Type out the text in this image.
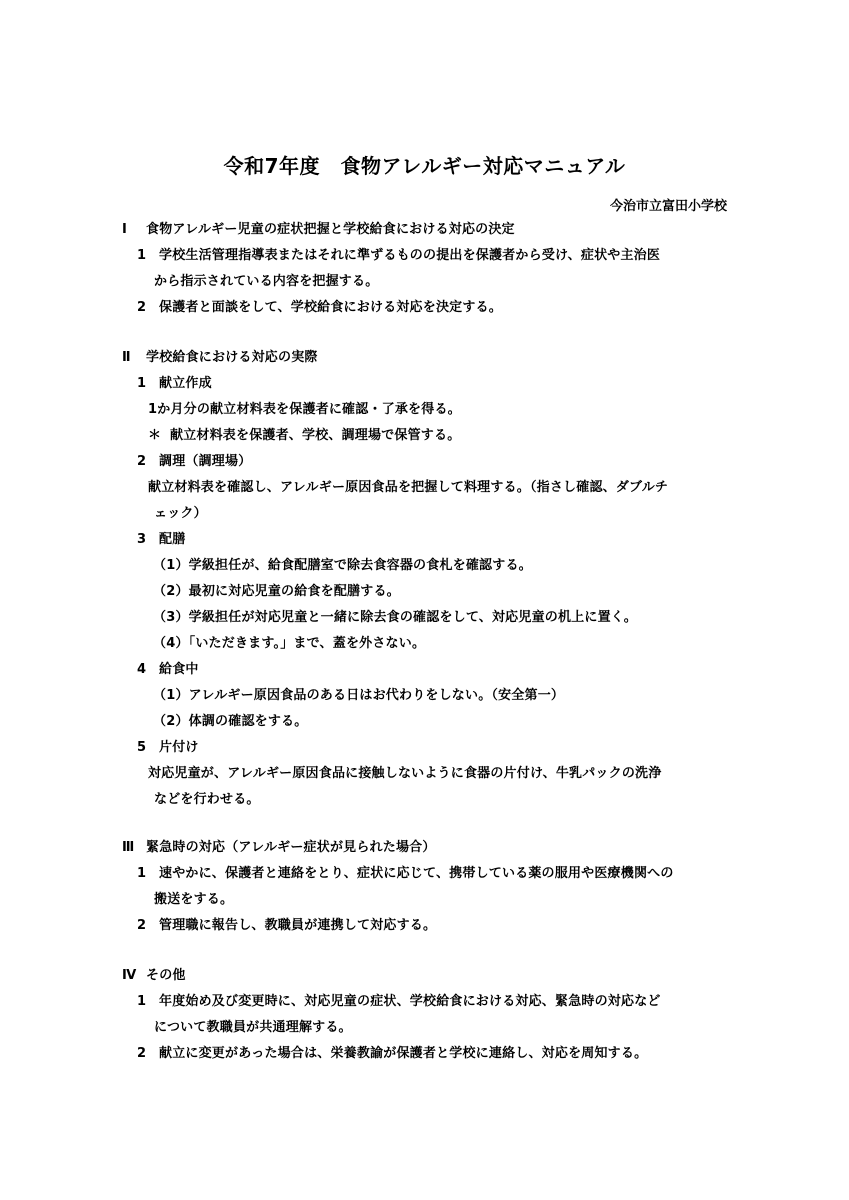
令和7年度　食物アレルギー対応マニュアル
今治市立富田小学校
Ⅰ 食物アレルギー児童の症状把握と学校給食における対応の決定
1 学校生活管理指導表またはそれに準ずるものの提出を保護者から受け、症状や主治医
から指示されている内容を把握する。
2 保護者と面談をして、学校給食における対応を決定する。
Ⅱ 学校給食における対応の実際
1 献立作成
1か月分の献立材料表を保護者に確認・了承を得る。
＊ 献立材料表を保護者、学校、調理場で保管する。
2 調理（調理場）
献立材料表を確認し、アレルギー原因食品を把握して料理する。（指さし確認、ダブルチ
ェック）
3 配膳
（1）学級担任が、給食配膳室で除去食容器の食札を確認する。
（2）最初に対応児童の給食を配膳する。
（3）学級担任が対応児童と一緒に除去食の確認をして、対応児童の机上に置く。
（4）「いただきます。」まで、蓋を外さない。
4 給食中
（1）アレルギー原因食品のある日はお代わりをしない。（安全第一）
（2）体調の確認をする。
5 片付け
対応児童が、アレルギー原因食品に接触しないように食器の片付け、牛乳パックの洗浄
などを行わせる。
Ⅲ 緊急時の対応（アレルギー症状が見られた場合）
1 速やかに、保護者と連絡をとり、症状に応じて、携帯している薬の服用や医療機関への
搬送をする。
2 管理職に報告し、教職員が連携して対応する。
Ⅳ その他
1 年度始め及び変更時に、対応児童の症状、学校給食における対応、緊急時の対応など
について教職員が共通理解する。
2 献立に変更があった場合は、栄養教諭が保護者と学校に連絡し、対応を周知する。
